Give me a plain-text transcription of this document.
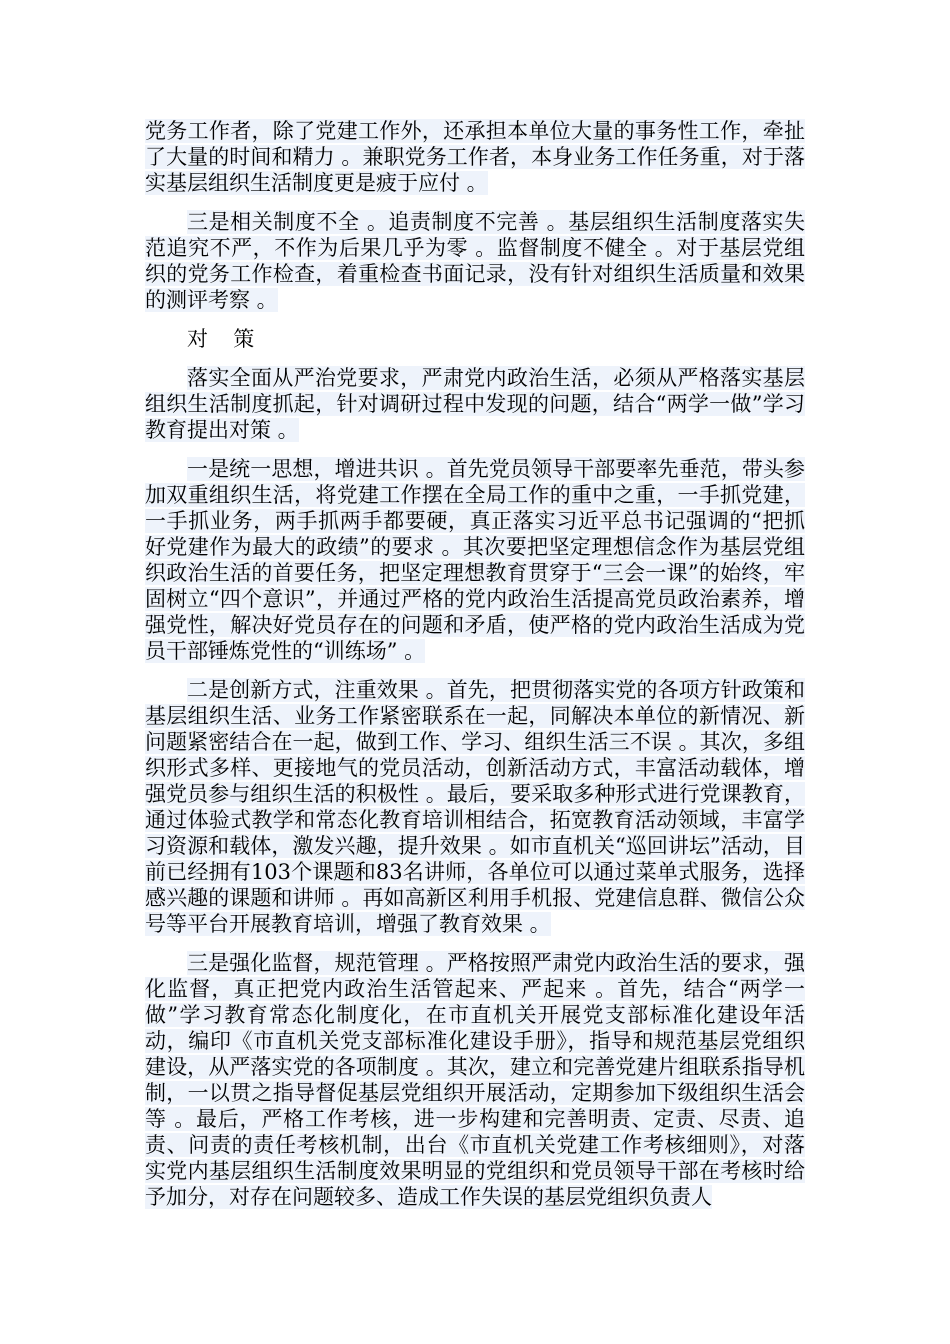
党务工作者，除了党建工作外，还承担本单位大量的事务性工作，牵扯了大量的时间和精力 。兼职党务工作者，本身业务工作任务重，对于落实基层组织生活制度更是疲于应付 。

三是相关制度不全 。追责制度不完善 。基层组织生活制度落实失范追究不严，不作为后果几乎为零 。监督制度不健全 。对于基层党组织的党务工作检查，着重检查书面记录，没有针对组织生活质量和效果的测评考察 。

对策

落实全面从严治党要求，严肃党内政治生活，必须从严格落实基层组织生活制度抓起，针对调研过程中发现的问题，结合“两学一做”学习教育提出对策 。

一是统一思想，增进共识 。首先党员领导干部要率先垂范，带头参加双重组织生活，将党建工作摆在全局工作的重中之重，一手抓党建，一手抓业务，两手抓两手都要硬，真正落实习近平总书记强调的“把抓好党建作为最大的政绩”的要求 。其次要把坚定理想信念作为基层党组织政治生活的首要任务，把坚定理想教育贯穿于“三会一课”的始终，牢固树立“四个意识”，并通过严格的党内政治生活提高党员政治素养，增强党性，解决好党员存在的问题和矛盾，使严格的党内政治生活成为党员干部锤炼党性的“训练场” 。

二是创新方式，注重效果 。首先，把贯彻落实党的各项方针政策和基层组织生活、业务工作紧密联系在一起，同解决本单位的新情况、新问题紧密结合在一起，做到工作、学习、组织生活三不误 。其次，多组织形式多样、更接地气的党员活动，创新活动方式，丰富活动载体，增强党员参与组织生活的积极性 。最后，要采取多种形式进行党课教育，通过体验式教学和常态化教育培训相结合，拓宽教育活动领域，丰富学习资源和载体，激发兴趣，提升效果 。如市直机关“巡回讲坛”活动，目前已经拥有103个课题和83名讲师，各单位可以通过菜单式服务，选择感兴趣的课题和讲师 。再如高新区利用手机报、党建信息群、微信公众号等平台开展教育培训，增强了教育效果 。

三是强化监督，规范管理 。严格按照严肃党内政治生活的要求，强化监督，真正把党内政治生活管起来、严起来 。首先，结合“两学一做”学习教育常态化制度化，在市直机关开展党支部标准化建设年活动，编印《市直机关党支部标准化建设手册》，指导和规范基层党组织建设，从严落实党的各项制度 。其次，建立和完善党建片组联系指导机制，一以贯之指导督促基层党组织开展活动，定期参加下级组织生活会等 。最后，严格工作考核，进一步构建和完善明责、定责、尽责、追责、问责的责任考核机制，出台《市直机关党建工作考核细则》，对落实党内基层组织生活制度效果明显的党组织和党员领导干部在考核时给予加分，对存在问题较多、造成工作失误的基层党组织负责人
